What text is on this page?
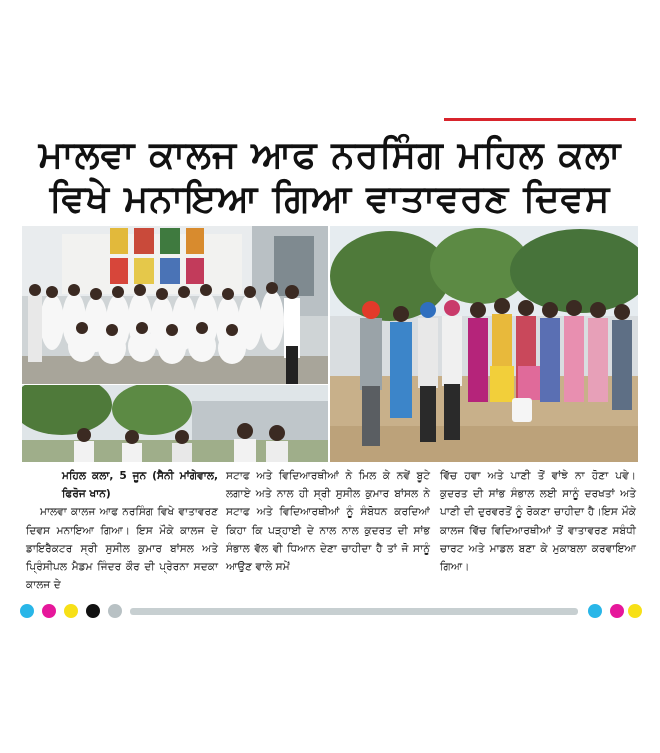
ਮਾਲਵਾ ਕਾਲਜ ਆਫ ਨਰਸਿੰਗ ਮਹਿਲ ਕਲਾ
ਵਿਖੇ ਮਨਾਇਆ ਗਿਆ ਵਾਤਾਵਰਣ ਦਿਵਸ
ਮਹਿਲ ਕਲਾ, 5 ਜੂਨ (ਸੈਨੀ ਮਾਂਗੇਵਾਲ, ਫਿਰੋਜ ਖਾਨ)
ਮਾਲਵਾ ਕਾਲਜ ਆਫ ਨਰਸਿੰਗ ਵਿਖੇ ਵਾਤਾਵਰਣ ਦਿਵਸ ਮਨਾਇਆ ਗਿਆ। ਇਸ ਮੌਕੇ ਕਾਲਜ ਦੇ ਡਾਇਰੈਕਟਰ ਸ੍ਰੀ ਸੁਸੀਲ ਕੁਮਾਰ ਬਾਂਸਲ ਅਤੇ ਪ੍ਰਿੰਸੀਪਲ ਮੈਡਮ ਜਿੰਦਰ ਕੌਰ ਦੀ ਪ੍ਰੇਰਨਾ ਸਦਕਾ ਕਾਲਜ ਦੇ
ਸਟਾਫ ਅਤੇ ਵਿਦਿਆਰਥੀਆਂ ਨੇ ਮਿਲ ਕੇ ਨਵੇਂ ਬੂਟੇ ਲਗਾਏ ਅਤੇ ਨਾਲ ਹੀ ਸ੍ਰੀ ਸੁਸੀਲ ਕੁਮਾਰ ਬਾਂਸਲ ਨੇ ਸਟਾਫ ਅਤੇ ਵਿਦਿਆਰਥੀਆਂ ਨੂੰ ਸੰਬੋਧਨ ਕਰਦਿਆਂ ਕਿਹਾ ਕਿ ਪੜ੍ਹਾਈ ਦੇ ਨਾਲ ਨਾਲ ਕੁਦਰਤ ਦੀ ਸਾਂਭ ਸੰਭਾਲ ਵੱਲ ਵੀ ਧਿਆਨ ਦੇਣਾ ਚਾਹੀਦਾ ਹੈ ਤਾਂ ਜੋ ਸਾਨੂੰ ਆਉਣ ਵਾਲੇ ਸਮੇਂ
ਵਿੱਚ ਹਵਾ ਅਤੇ ਪਾਣੀ ਤੋਂ ਵਾਂਝੇ ਨਾ ਹੋਣਾ ਪਵੇ। ਕੁਦਰਤ ਦੀ ਸਾਂਭ ਸੰਭਾਲ ਲਈ ਸਾਨੂੰ ਦਰਖਤਾਂ ਅਤੇ ਪਾਣੀ ਦੀ ਦੁਰਵਰਤੋਂ ਨੂੰ ਰੋਕਣਾ ਚਾਹੀਦਾ ਹੈ।ਇਸ ਮੌਕੇ ਕਾਲਜ ਵਿੱਚ ਵਿਦਿਆਰਥੀਆਂ ਤੋਂ ਵਾਤਾਵਰਣ ਸਬੰਧੀ ਚਾਰਟ ਅਤੇ ਮਾਡਲ ਬਣਾ ਕੇ ਮੁਕਾਬਲਾ ਕਰਵਾਇਆ ਗਿਆ।
